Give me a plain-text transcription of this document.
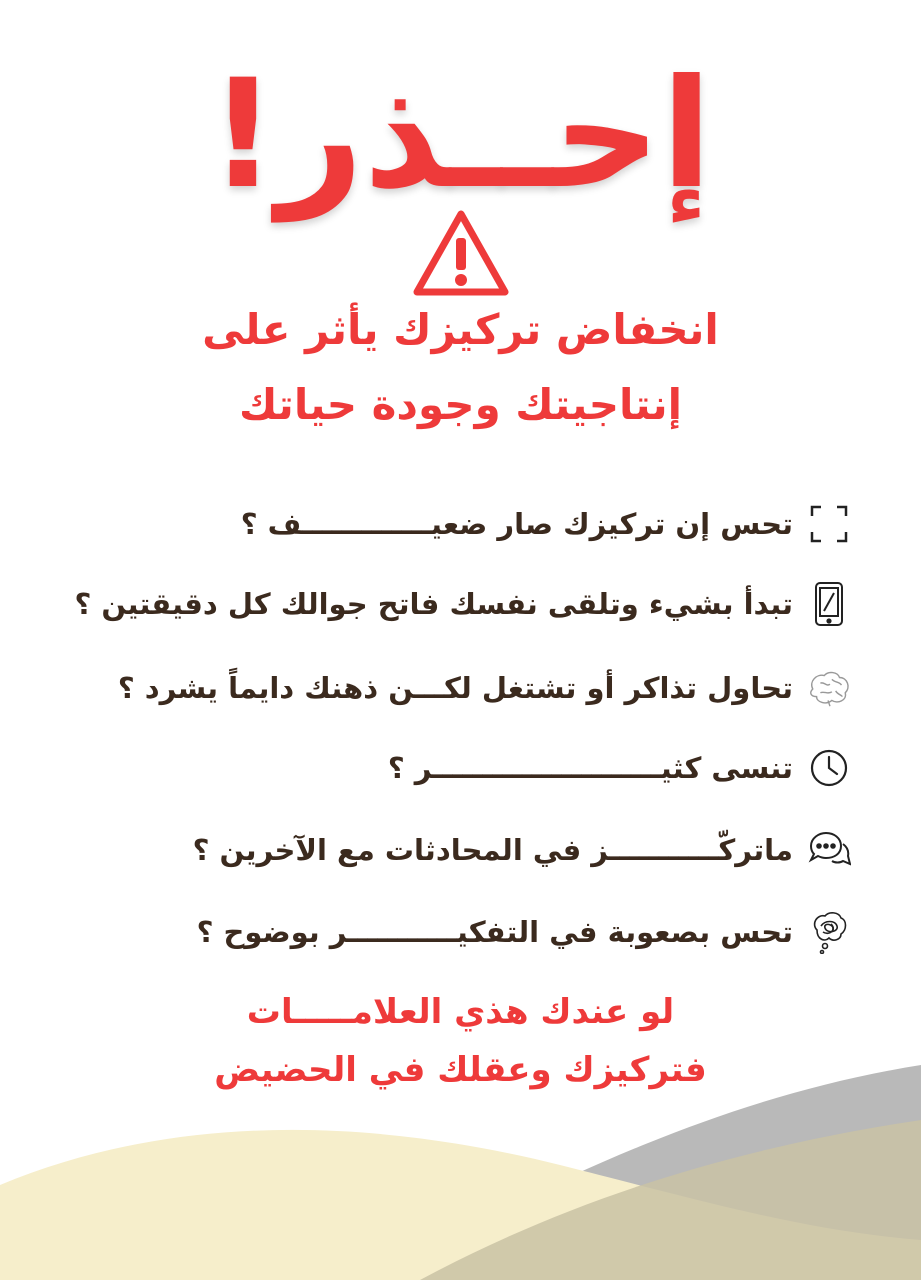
إحــذر!
انخفاض تركيزك يأثر على
إنتاجيتك وجودة حياتك
تحس إن تركيزك صار ضعيـــــــــــــف ؟
تبدأ بشيء وتلقى نفسك فاتح جوالك كل دقيقتين ؟
تحاول تذاكر أو تشتغل لكـــن ذهنك دايماً يشرد ؟
تنسى كثيـــــــــــــــــــــــر ؟
ماتركّـــــــــــز في المحادثات مع الآخرين ؟
تحس بصعوبة في التفكيـــــــــــر بوضوح ؟
لو عندك هذي العلامـــــات
فتركيزك وعقلك في الحضيض
